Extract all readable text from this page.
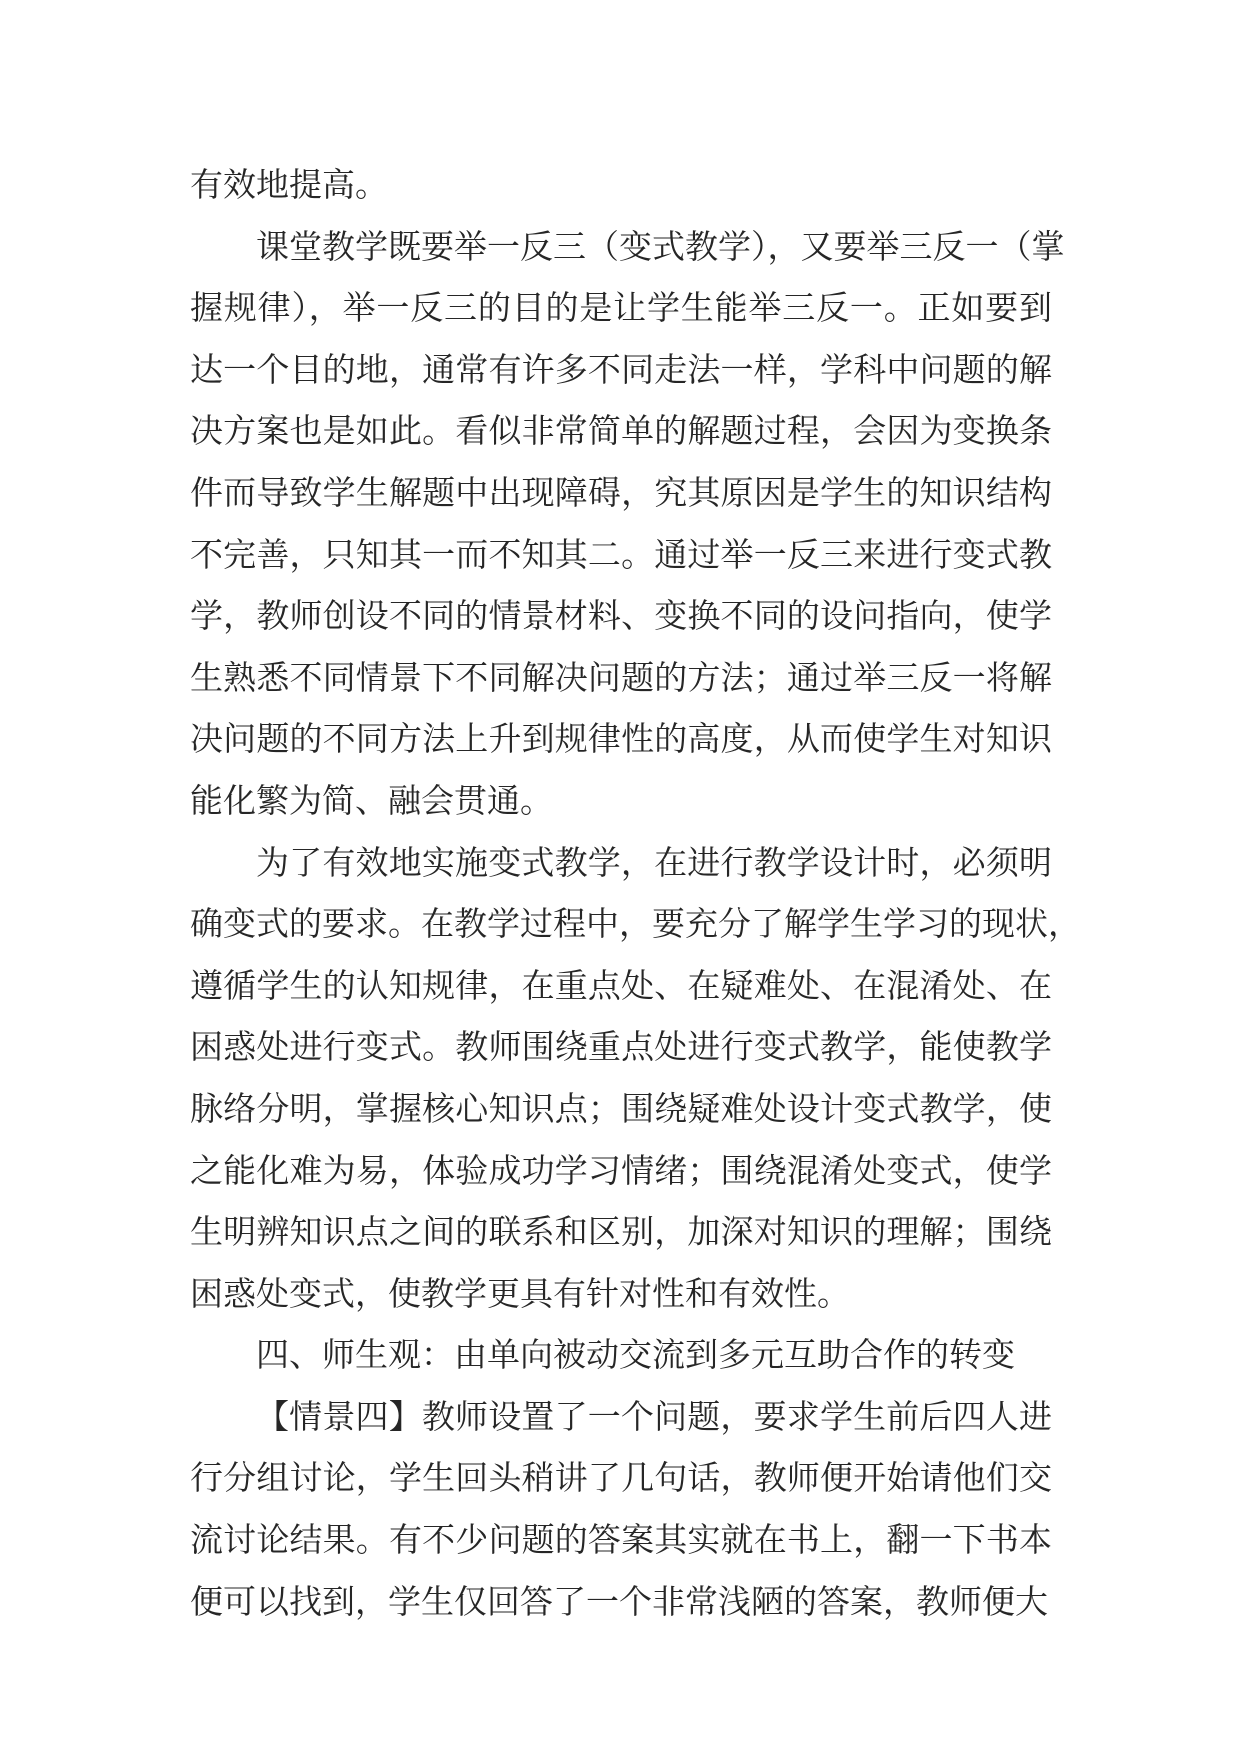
有效地提高。
课堂教学既要举一反三（变式教学），又要举三反一（掌
握规律），举一反三的目的是让学生能举三反一。正如要到
达一个目的地，通常有许多不同走法一样，学科中问题的解
决方案也是如此。看似非常简单的解题过程，会因为变换条
件而导致学生解题中出现障碍，究其原因是学生的知识结构
不完善，只知其一而不知其二。通过举一反三来进行变式教
学，教师创设不同的情景材料、变换不同的设问指向，使学
生熟悉不同情景下不同解决问题的方法；通过举三反一将解
决问题的不同方法上升到规律性的高度，从而使学生对知识
能化繁为简、融会贯通。
为了有效地实施变式教学，在进行教学设计时，必须明
确变式的要求。在教学过程中，要充分了解学生学习的现状，
遵循学生的认知规律，在重点处、在疑难处、在混淆处、在
困惑处进行变式。教师围绕重点处进行变式教学，能使教学
脉络分明，掌握核心知识点；围绕疑难处设计变式教学，使
之能化难为易，体验成功学习情绪；围绕混淆处变式，使学
生明辨知识点之间的联系和区别，加深对知识的理解；围绕
困惑处变式，使教学更具有针对性和有效性。
四、师生观：由单向被动交流到多元互助合作的转变
【情景四】教师设置了一个问题，要求学生前后四人进
行分组讨论，学生回头稍讲了几句话，教师便开始请他们交
流讨论结果。有不少问题的答案其实就在书上，翻一下书本
便可以找到，学生仅回答了一个非常浅陋的答案，教师便大
